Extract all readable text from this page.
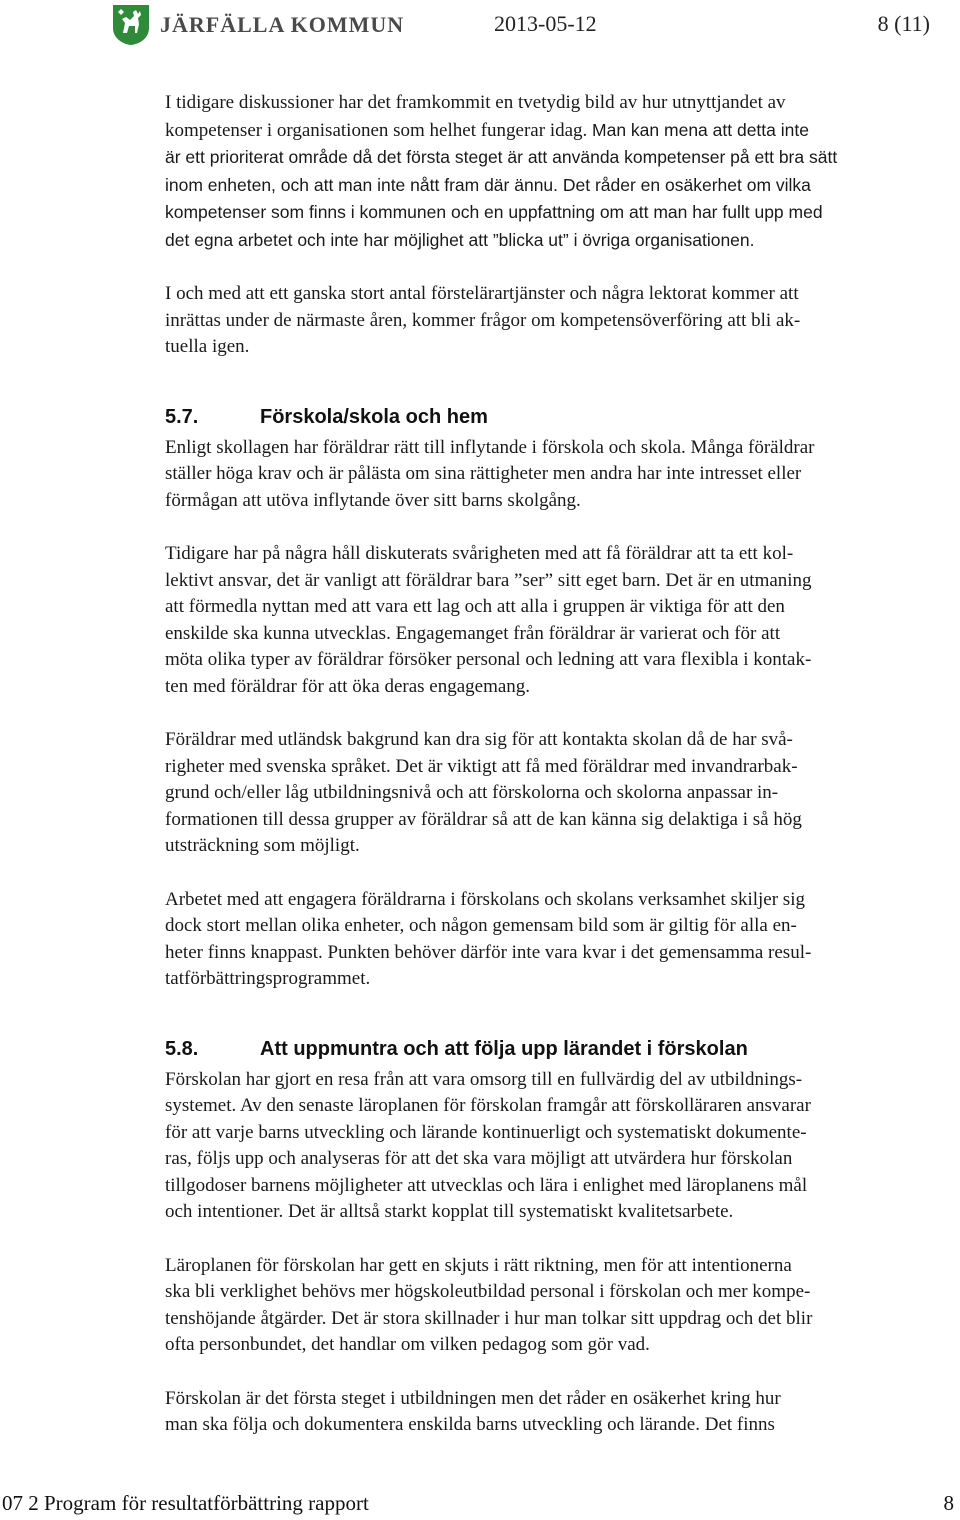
JÄRFÄLLA KOMMUN	2013-05-12	8 (11)

I tidigare diskussioner har det framkommit en tvetydig bild av hur utnyttjandet av
kompetenser i organisationen som helhet fungerar idag. Man kan mena att detta inte
är ett prioriterat område då det första steget är att använda kompetenser på ett bra sätt
inom enheten, och att man inte nått fram där ännu. Det råder en osäkerhet om vilka
kompetenser som finns i kommunen och en uppfattning om att man har fullt upp med
det egna arbetet och inte har möjlighet att ”blicka ut” i övriga organisationen.

I och med att ett ganska stort antal förstelärartjänster och några lektorat kommer att
inrättas under de närmaste åren, kommer frågor om kompetensöverföring att bli ak-
tuella igen.

5.7.	Förskola/skola och hem

Enligt skollagen har föräldrar rätt till inflytande i förskola och skola. Många föräldrar
ställer höga krav och är pålästa om sina rättigheter men andra har inte intresset eller
förmågan att utöva inflytande över sitt barns skolgång.

Tidigare har på några håll diskuterats svårigheten med att få föräldrar att ta ett kol-
lektivt ansvar, det är vanligt att föräldrar bara ”ser” sitt eget barn. Det är en utmaning
att förmedla nyttan med att vara ett lag och att alla i gruppen är viktiga för att den
enskilde ska kunna utvecklas. Engagemanget från föräldrar är varierat och för att
möta olika typer av föräldrar försöker personal och ledning att vara flexibla i kontak-
ten med föräldrar för att öka deras engagemang.

Föräldrar med utländsk bakgrund kan dra sig för att kontakta skolan då de har svå-
righeter med svenska språket. Det är viktigt att få med föräldrar med invandrarbak-
grund och/eller låg utbildningsnivå och att förskolorna och skolorna anpassar in-
formationen till dessa grupper av föräldrar så att de kan känna sig delaktiga i så hög
utsträckning som möjligt.

Arbetet med att engagera föräldrarna i förskolans och skolans verksamhet skiljer sig
dock stort mellan olika enheter, och någon gemensam bild som är giltig för alla en-
heter finns knappast. Punkten behöver därför inte vara kvar i det gemensamma resul-
tatförbättringsprogrammet.

5.8.	Att uppmuntra och att följa upp lärandet i förskolan

Förskolan har gjort en resa från att vara omsorg till en fullvärdig del av utbildnings-
systemet. Av den senaste läroplanen för förskolan framgår att förskolläraren ansvarar
för att varje barns utveckling och lärande kontinuerligt och systematiskt dokumente-
ras, följs upp och analyseras för att det ska vara möjligt att utvärdera hur förskolan
tillgodoser barnens möjligheter att utvecklas och lära i enlighet med läroplanens mål
och intentioner. Det är alltså starkt kopplat till systematiskt kvalitetsarbete.

Läroplanen för förskolan har gett en skjuts i rätt riktning, men för att intentionerna
ska bli verklighet behövs mer högskoleutbildad personal i förskolan och mer kompe-
tenshöjande åtgärder. Det är stora skillnader i hur man tolkar sitt uppdrag och det blir
ofta personbundet, det handlar om vilken pedagog som gör vad.

Förskolan är det första steget i utbildningen men det råder en osäkerhet kring hur
man ska följa och dokumentera enskilda barns utveckling och lärande. Det finns

07 2 Program för resultatförbättring rapport	8
